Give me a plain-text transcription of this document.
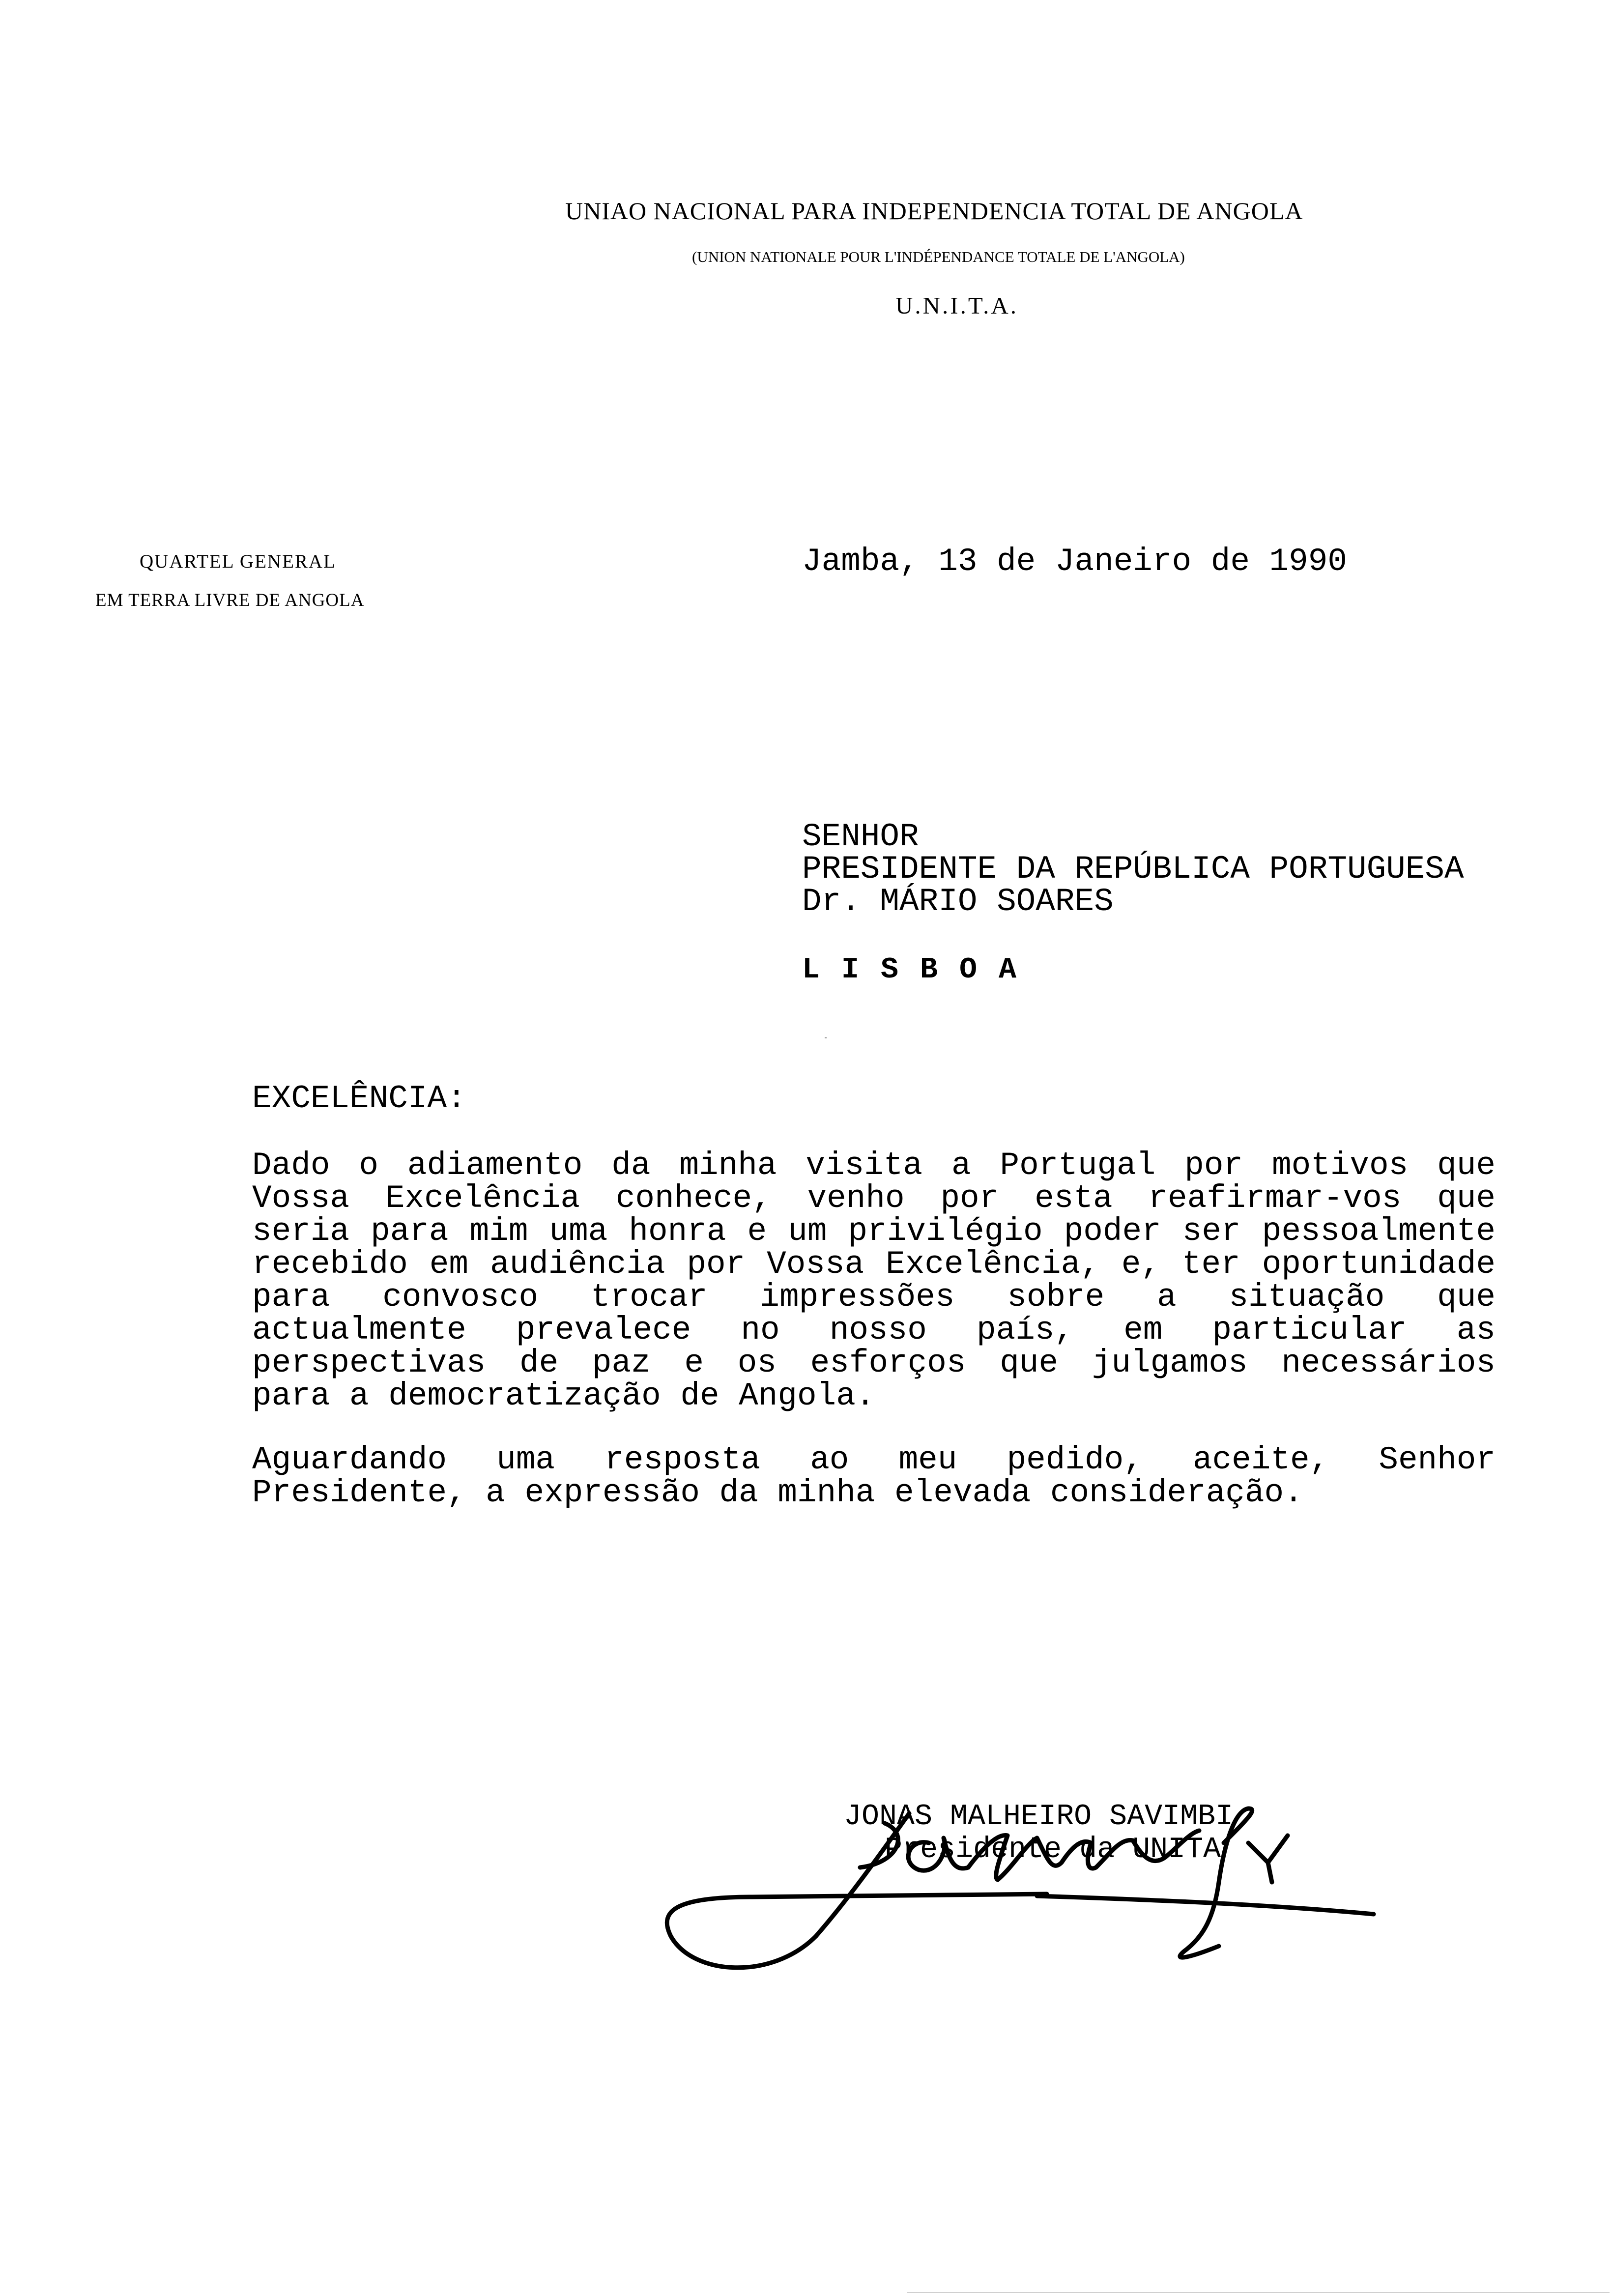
UNIAO NACIONAL PARA INDEPENDENCIA TOTAL DE ANGOLA
(UNION NATIONALE POUR L'INDÉPENDANCE TOTALE DE L'ANGOLA)
U.N.I.T.A.
QUARTEL GENERAL
EM TERRA LIVRE DE ANGOLA
Jamba, 13 de Janeiro de 1990
SENHOR
PRESIDENTE DA REPÚBLICA PORTUGUESA
Dr. MÁRIO SOARES
LISBOA
EXCELÊNCIA:
Dado o adiamento da minha visita a Portugal por motivos que
Vossa Excelência conhece, venho por esta reafirmar-vos que
seria para mim uma honra e um privilégio poder ser pessoalmente
recebido em audiência por Vossa Excelência, e, ter oportunidade
para convosco trocar impressões sobre a situação que
actualmente prevalece no nosso país, em particular as
perspectivas de paz e os esforços que julgamos necessários
para a democratização de Angola.
Aguardando uma resposta ao meu pedido, aceite, Senhor
Presidente, a expressão da minha elevada consideração.
JONAS MALHEIRO SAVIMBI
Presidente da UNITA
